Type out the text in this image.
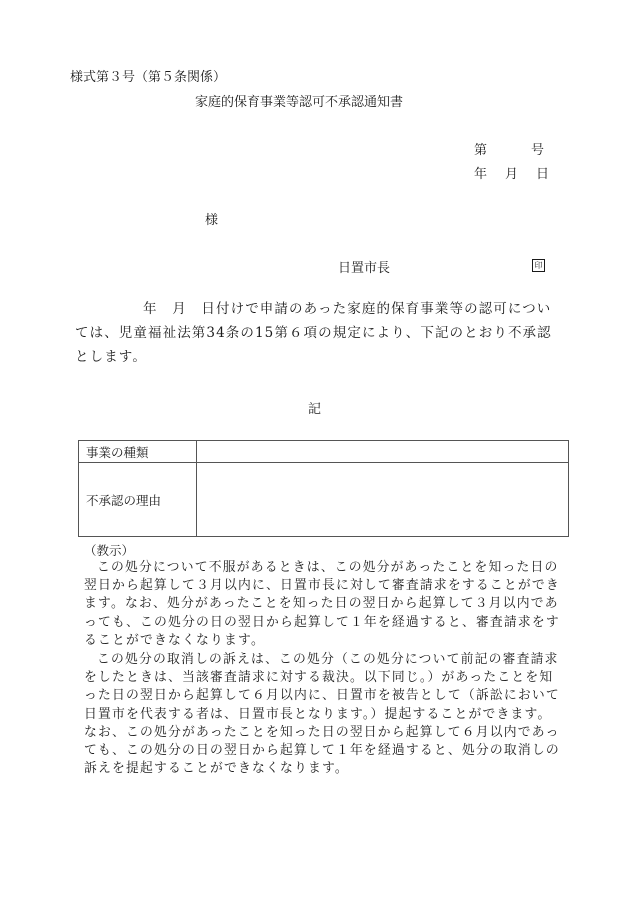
様式第３号（第５条関係）
家庭的保育事業等認可不承認通知書
第	号
年 月 日
様
日置市長	印
年　月　日付けで申請のあった家庭的保育事業等の認可については、児童福祉法第34条の15第６項の規定により、下記のとおり不承認とします。
記
事業の種類	
不承認の理由	
（教示）
この処分について不服があるときは、この処分があったことを知った日の翌日から起算して３月以内に、日置市長に対して審査請求をすることができます。なお、処分があったことを知った日の翌日から起算して３月以内であっても、この処分の日の翌日から起算して１年を経過すると、審査請求をすることができなくなります。
この処分の取消しの訴えは、この処分（この処分について前記の審査請求をしたときは、当該審査請求に対する裁決。以下同じ。）があったことを知った日の翌日から起算して６月以内に、日置市を被告として（訴訟において日置市を代表する者は、日置市長となります。）提起することができます。なお、この処分があったことを知った日の翌日から起算して６月以内であっても、この処分の日の翌日から起算して１年を経過すると、処分の取消しの訴えを提起することができなくなります。
